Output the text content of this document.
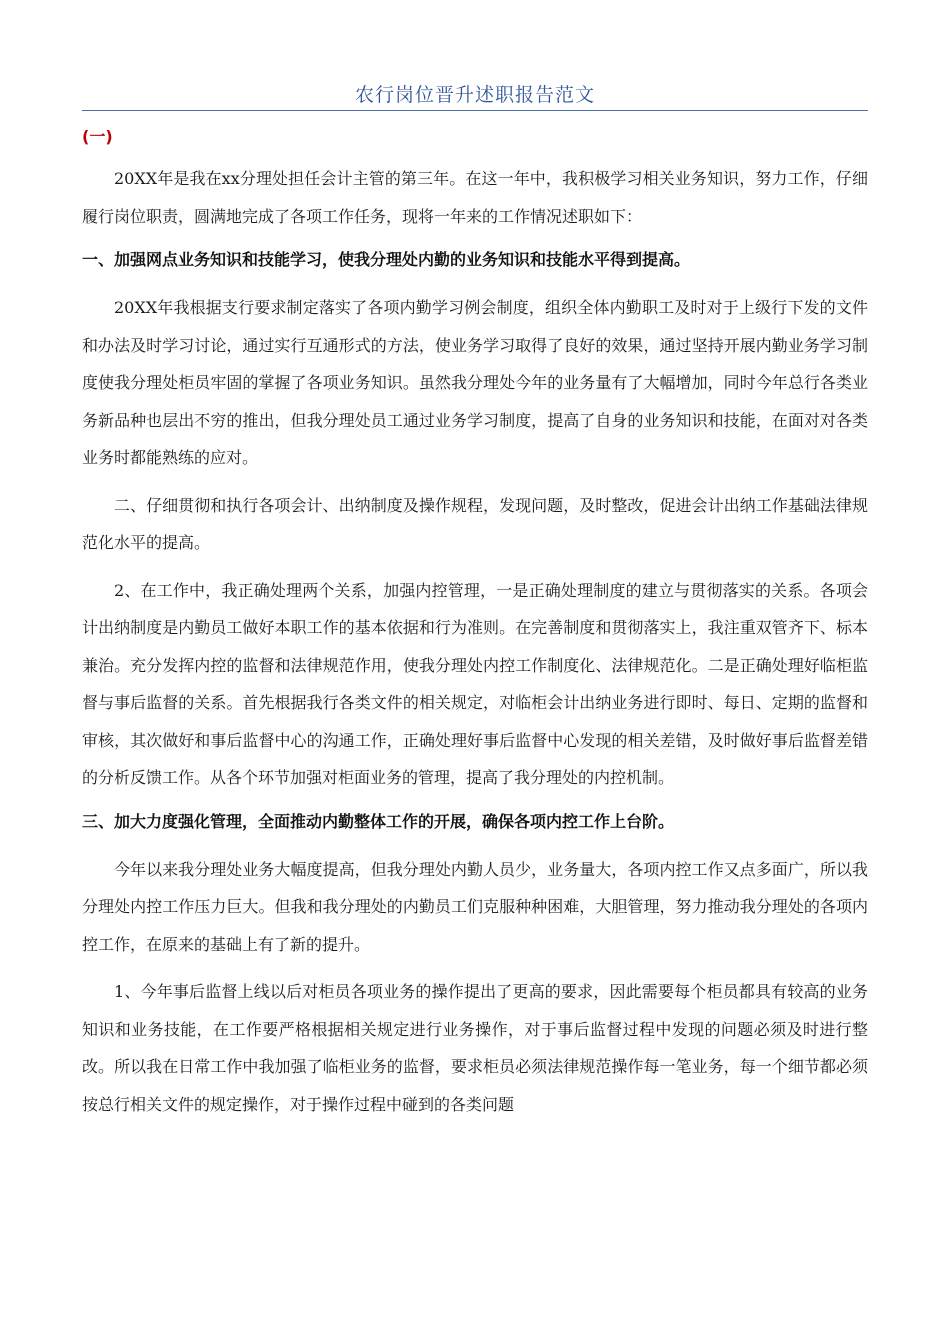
农行岗位晋升述职报告范文
(一)

20XX年是我在xx分理处担任会计主管的第三年。在这一年中，我积极学习相关业务知识，努力工作，仔细履行岗位职责，圆满地完成了各项工作任务，现将一年来的工作情况述职如下：

一、加强网点业务知识和技能学习，使我分理处内勤的业务知识和技能水平得到提高。

20XX年我根据支行要求制定落实了各项内勤学习例会制度，组织全体内勤职工及时对于上级行下发的文件和办法及时学习讨论，通过实行互通形式的方法，使业务学习取得了良好的效果，通过坚持开展内勤业务学习制度使我分理处柜员牢固的掌握了各项业务知识。虽然我分理处今年的业务量有了大幅增加，同时今年总行各类业务新品种也层出不穷的推出，但我分理处员工通过业务学习制度，提高了自身的业务知识和技能，在面对对各类业务时都能熟练的应对。

二、仔细贯彻和执行各项会计、出纳制度及操作规程，发现问题，及时整改，促进会计出纳工作基础法律规范化水平的提高。

2、在工作中，我正确处理两个关系，加强内控管理，一是正确处理制度的建立与贯彻落实的关系。各项会计出纳制度是内勤员工做好本职工作的基本依据和行为准则。在完善制度和贯彻落实上，我注重双管齐下、标本兼治。充分发挥内控的监督和法律规范作用，使我分理处内控工作制度化、法律规范化。二是正确处理好临柜监督与事后监督的关系。首先根据我行各类文件的相关规定，对临柜会计出纳业务进行即时、每日、定期的监督和审核，其次做好和事后监督中心的沟通工作，正确处理好事后监督中心发现的相关差错，及时做好事后监督差错的分析反馈工作。从各个环节加强对柜面业务的管理，提高了我分理处的内控机制。

三、加大力度强化管理，全面推动内勤整体工作的开展，确保各项内控工作上台阶。

今年以来我分理处业务大幅度提高，但我分理处内勤人员少，业务量大，各项内控工作又点多面广，所以我分理处内控工作压力巨大。但我和我分理处的内勤员工们克服种种困难，大胆管理，努力推动我分理处的各项内控工作，在原来的基础上有了新的提升。

1、今年事后监督上线以后对柜员各项业务的操作提出了更高的要求，因此需要每个柜员都具有较高的业务知识和业务技能，在工作要严格根据相关规定进行业务操作，对于事后监督过程中发现的问题必须及时进行整改。所以我在日常工作中我加强了临柜业务的监督，要求柜员必须法律规范操作每一笔业务，每一个细节都必须按总行相关文件的规定操作，对于操作过程中碰到的各类问题
